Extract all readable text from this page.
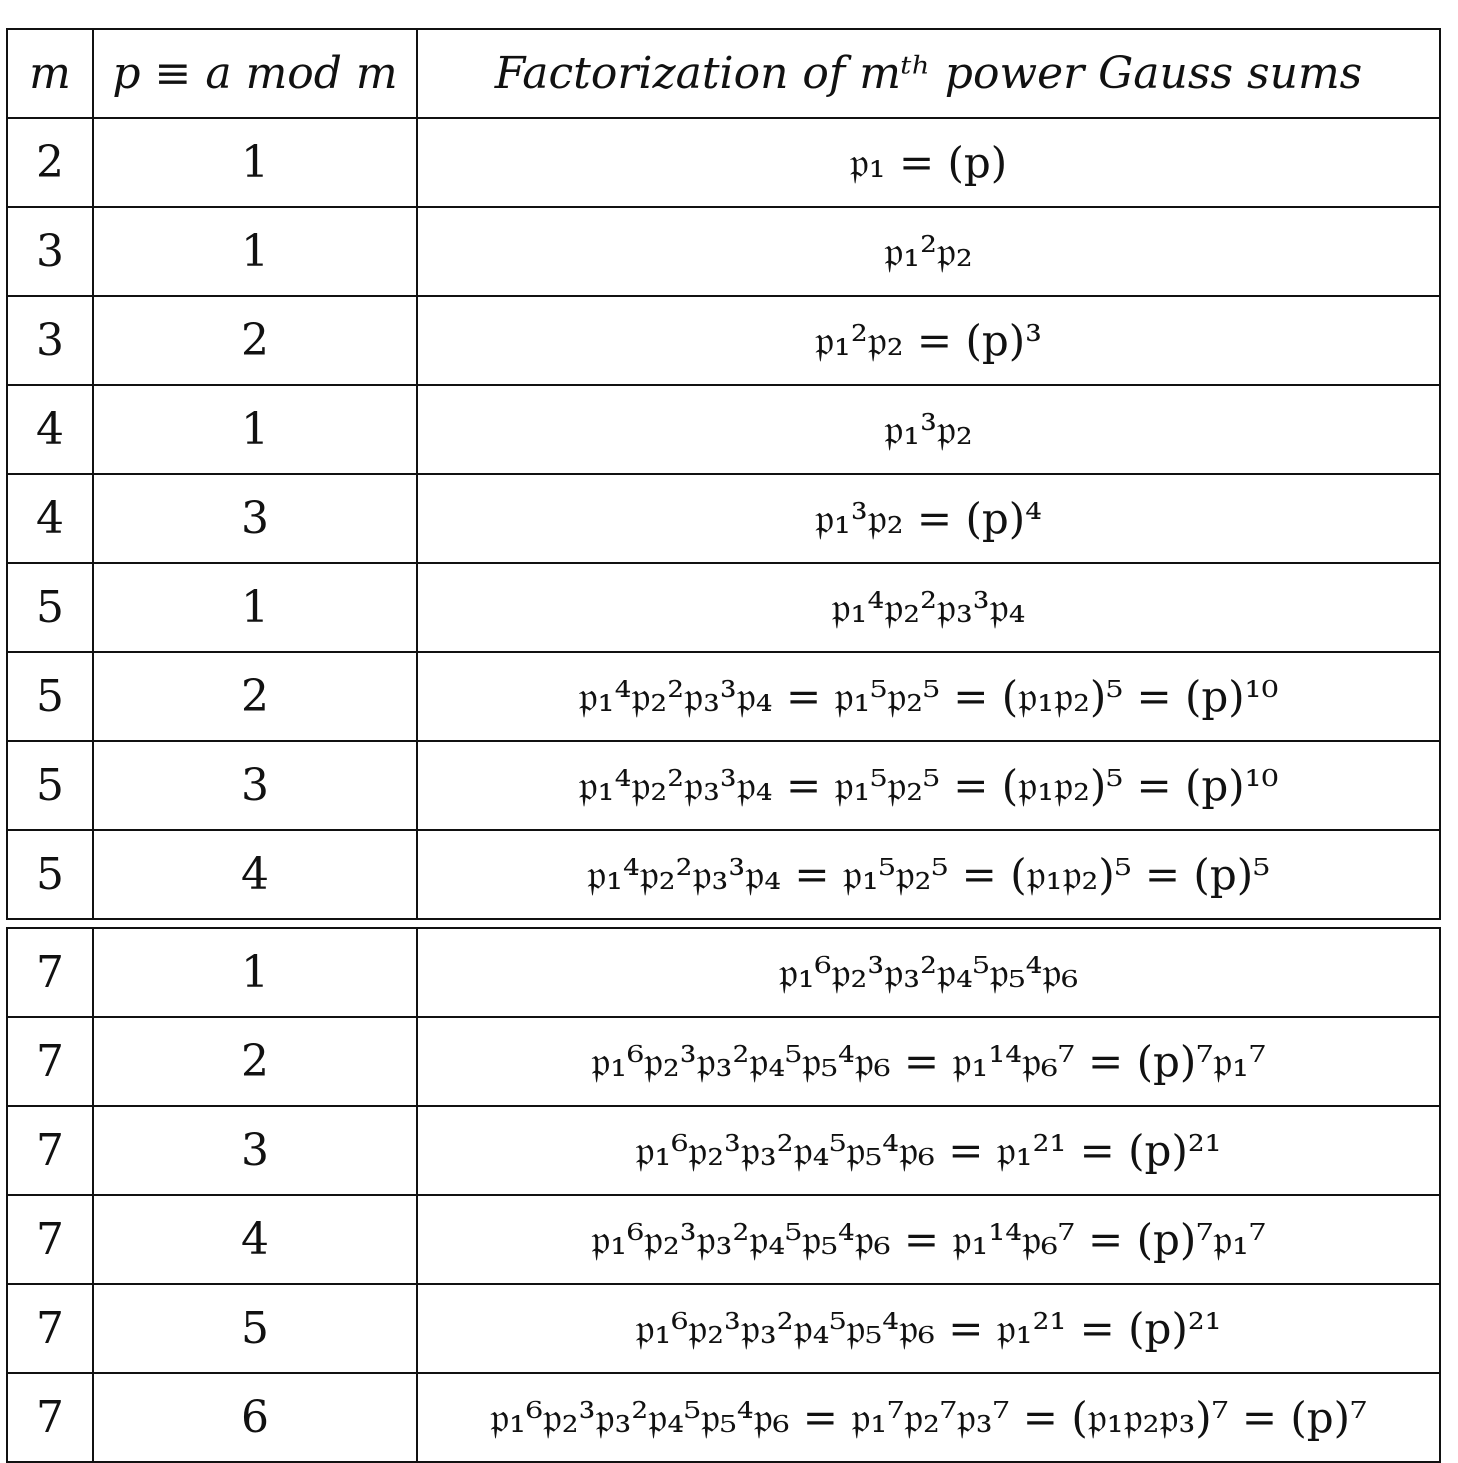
m	p ≡ a mod m	Factorization of mᵗʰ power Gauss sums
2	1	𝔭₁ = (p)
3	1	𝔭₁²𝔭₂
3	2	𝔭₁²𝔭₂ = (p)³
4	1	𝔭₁³𝔭₂
4	3	𝔭₁³𝔭₂ = (p)⁴
5	1	𝔭₁⁴𝔭₂²𝔭₃³𝔭₄
5	2	𝔭₁⁴𝔭₂²𝔭₃³𝔭₄ = 𝔭₁⁵𝔭₂⁵ = (𝔭₁𝔭₂)⁵ = (p)¹⁰
5	3	𝔭₁⁴𝔭₂²𝔭₃³𝔭₄ = 𝔭₁⁵𝔭₂⁵ = (𝔭₁𝔭₂)⁵ = (p)¹⁰
5	4	𝔭₁⁴𝔭₂²𝔭₃³𝔭₄ = 𝔭₁⁵𝔭₂⁵ = (𝔭₁𝔭₂)⁵ = (p)⁵
7	1	𝔭₁⁶𝔭₂³𝔭₃²𝔭₄⁵𝔭₅⁴𝔭₆
7	2	𝔭₁⁶𝔭₂³𝔭₃²𝔭₄⁵𝔭₅⁴𝔭₆ = 𝔭₁¹⁴𝔭₆⁷ = (p)⁷𝔭₁⁷
7	3	𝔭₁⁶𝔭₂³𝔭₃²𝔭₄⁵𝔭₅⁴𝔭₆ = 𝔭₁²¹ = (p)²¹
7	4	𝔭₁⁶𝔭₂³𝔭₃²𝔭₄⁵𝔭₅⁴𝔭₆ = 𝔭₁¹⁴𝔭₆⁷ = (p)⁷𝔭₁⁷
7	5	𝔭₁⁶𝔭₂³𝔭₃²𝔭₄⁵𝔭₅⁴𝔭₆ = 𝔭₁²¹ = (p)²¹
7	6	𝔭₁⁶𝔭₂³𝔭₃²𝔭₄⁵𝔭₅⁴𝔭₆ = 𝔭₁⁷𝔭₂⁷𝔭₃⁷ = (𝔭₁𝔭₂𝔭₃)⁷ = (p)⁷
